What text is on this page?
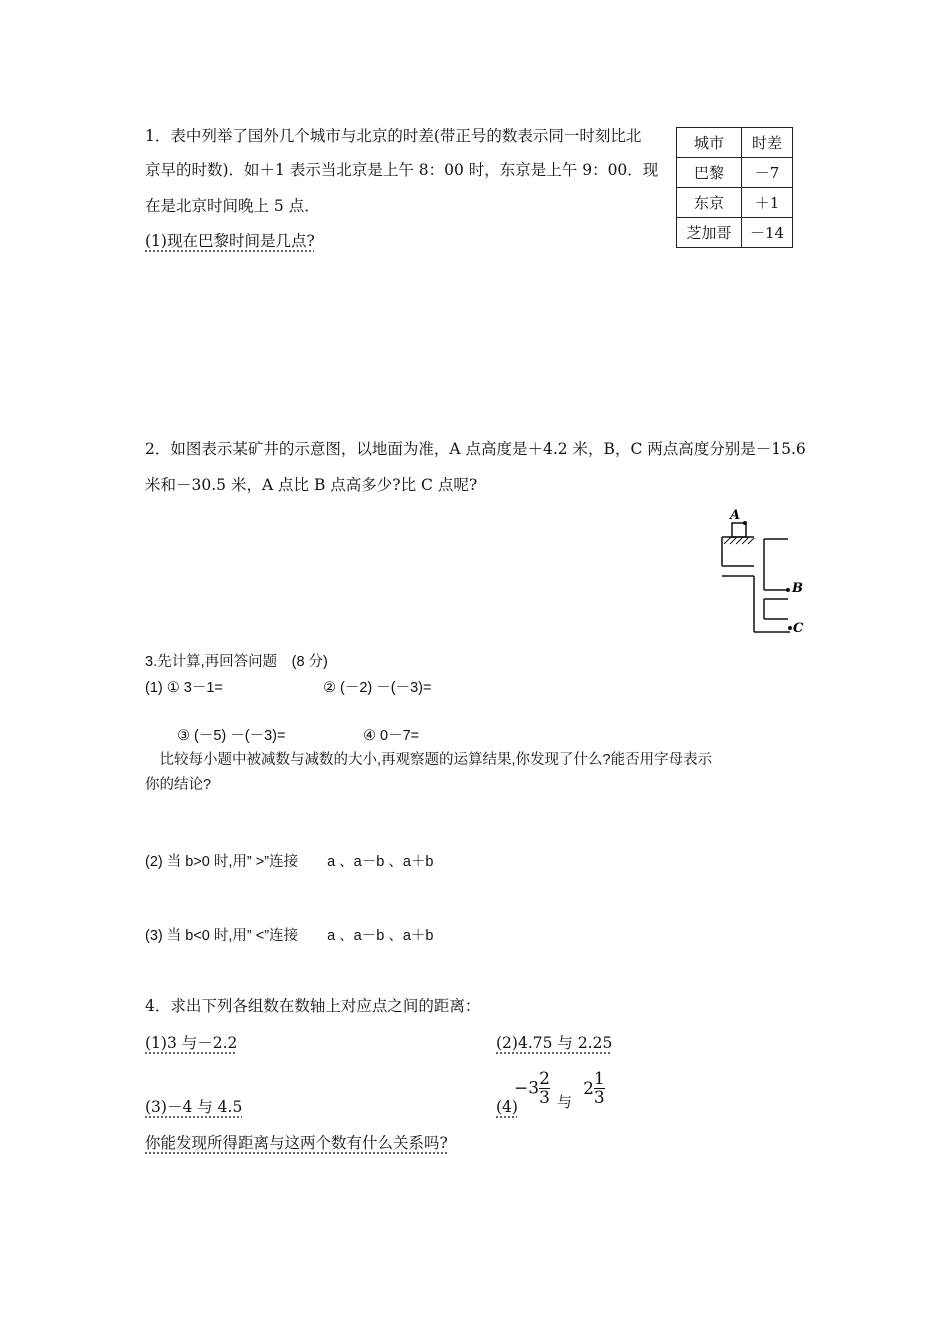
1．表中列举了国外几个城市与北京的时差(带正号的数表示同一时刻比北
京早的时数)．如＋1 表示当北京是上午 8：00 时，东京是上午 9：00．现
在是北京时间晚上 5 点．
(1)现在巴黎时间是几点?
城市	时差
巴黎	－7
东京	＋1
芝加哥	－14
2．如图表示某矿井的示意图，以地面为准，A 点高度是＋4.2 米，B，C 两点高度分别是－15.6
米和－30.5 米，A 点比 B 点高多少?比 C 点呢?
A
B
C
3.先计算,再回答问题　(8 分)
(1) ① 3－1=	② (－2) －(－3)=
③ (－5) －(－3)=	④ 0－7=
　比较每小题中被减数与减数的大小,再观察题的运算结果,你发现了什么?能否用字母表示
你的结论?
(2) 当 b>0 时,用” >”连接　　a 、a－b 、a＋b
(3) 当 b<0 时,用” <”连接　　a 、a－b 、a＋b
4．求出下列各组数在数轴上对应点之间的距离：
(1)3 与－2.2	(2)4.75 与 2.25
(3)－4 与 4.5	(4)
$-3 \frac{2}{3}$ 与 $2 \frac{1}{3}$
你能发现所得距离与这两个数有什么关系吗?
